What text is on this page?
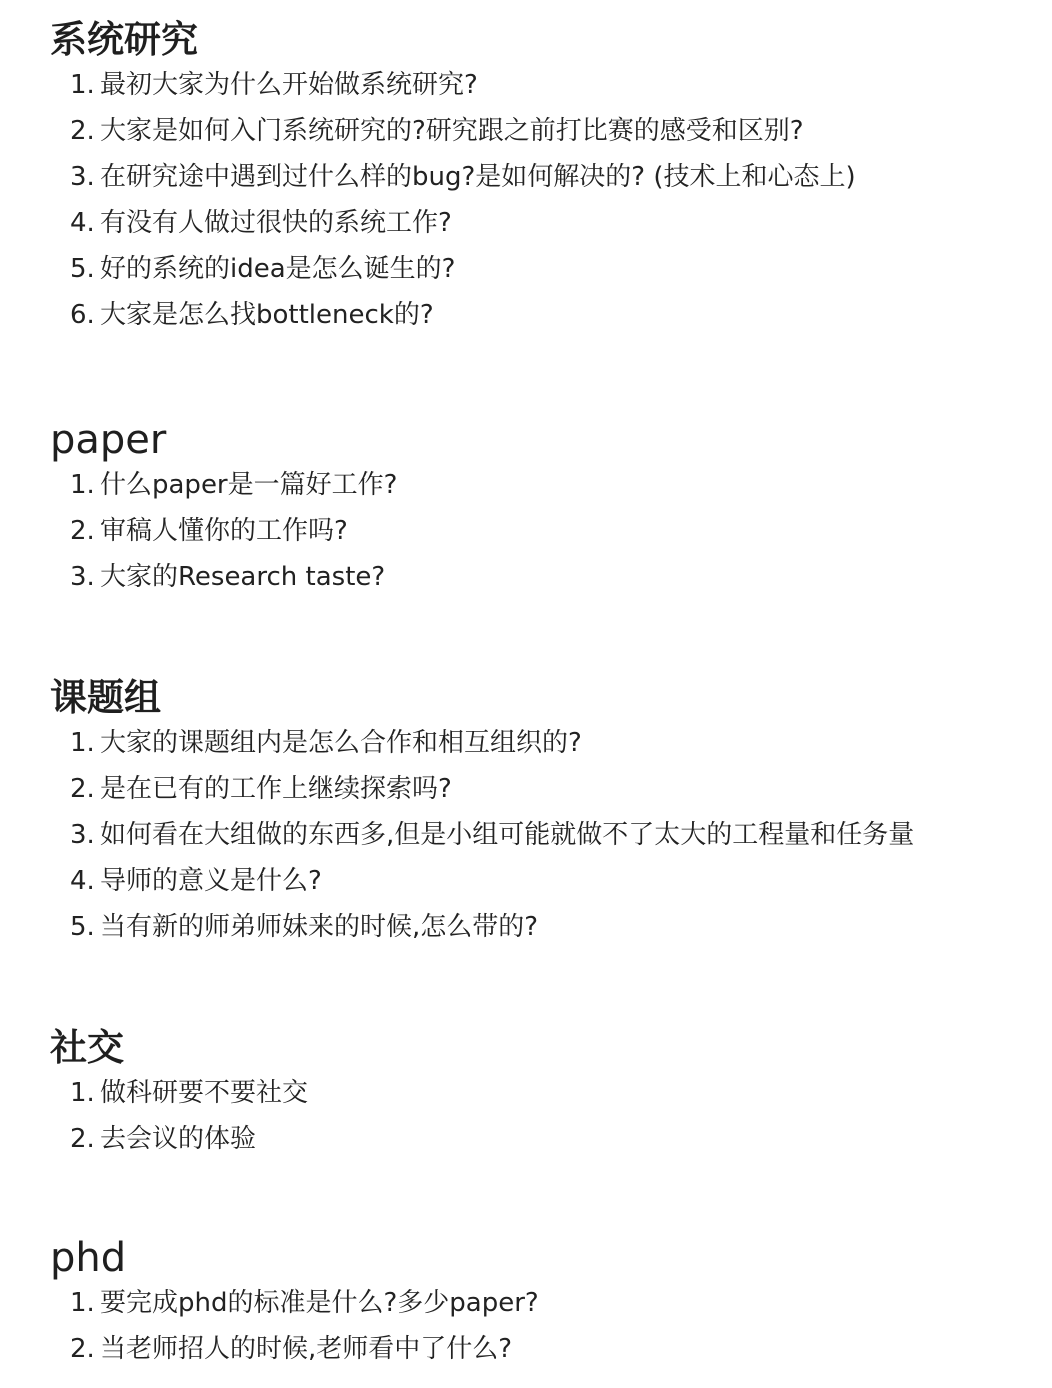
系统研究
1. 最初大家为什么开始做系统研究?
2. 大家是如何入门系统研究的?研究跟之前打比赛的感受和区别?
3. 在研究途中遇到过什么样的bug?是如何解决的? (技术上和心态上)
4. 有没有人做过很快的系统工作?
5. 好的系统的idea是怎么诞生的?
6. 大家是怎么找bottleneck的?
paper
1. 什么paper是一篇好工作?
2. 审稿人懂你的工作吗?
3. 大家的Research taste?
课题组
1. 大家的课题组内是怎么合作和相互组织的?
2. 是在已有的工作上继续探索吗?
3. 如何看在大组做的东西多,但是小组可能就做不了太大的工程量和任务量
4. 导师的意义是什么?
5. 当有新的师弟师妹来的时候,怎么带的?
社交
1. 做科研要不要社交
2. 去会议的体验
phd
1. 要完成phd的标准是什么?多少paper?
2. 当老师招人的时候,老师看中了什么?
